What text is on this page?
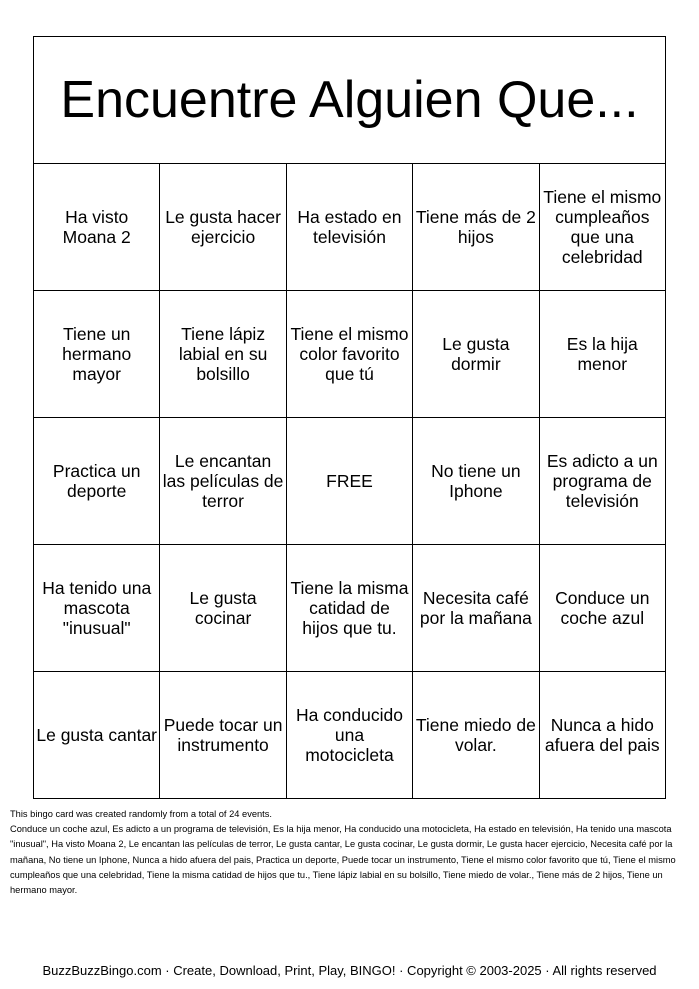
Encuentre Alguien Que...				
Ha visto Moana 2	Le gusta hacer ejercicio	Ha estado en televisión	Tiene más de 2 hijos	Tiene el mismo cumpleaños que una celebridad
Tiene un hermano mayor	Tiene lápiz labial en su bolsillo	Tiene el mismo color favorito que tú	Le gusta dormir	Es la hija menor
Practica un deporte	Le encantan las películas de terror	FREE	No tiene un Iphone	Es adicto a un programa de televisión
Ha tenido una mascota "inusual"	Le gusta cocinar	Tiene la misma catidad de hijos que tu.	Necesita café por la mañana	Conduce un coche azul
Le gusta cantar	Puede tocar un instrumento	Ha conducido una motocicleta	Tiene miedo de volar.	Nunca a hido afuera del pais

This bingo card was created randomly from a total of 24 events.

Conduce un coche azul, Es adicto a un programa de televisión, Es la hija menor, Ha conducido una motocicleta, Ha estado en televisión, Ha tenido una mascota "inusual", Ha visto Moana 2, Le encantan las películas de terror, Le gusta cantar, Le gusta cocinar, Le gusta dormir, Le gusta hacer ejercicio, Necesita café por la mañana, No tiene un Iphone, Nunca a hido afuera del pais, Practica un deporte, Puede tocar un instrumento, Tiene el mismo color favorito que tú, Tiene el mismo cumpleaños que una celebridad, Tiene la misma catidad de hijos que tu., Tiene lápiz labial en su bolsillo, Tiene miedo de volar., Tiene más de 2 hijos, Tiene un hermano mayor.

BuzzBuzzBingo.com · Create, Download, Print, Play, BINGO! · Copyright © 2003-2025 · All rights reserved
